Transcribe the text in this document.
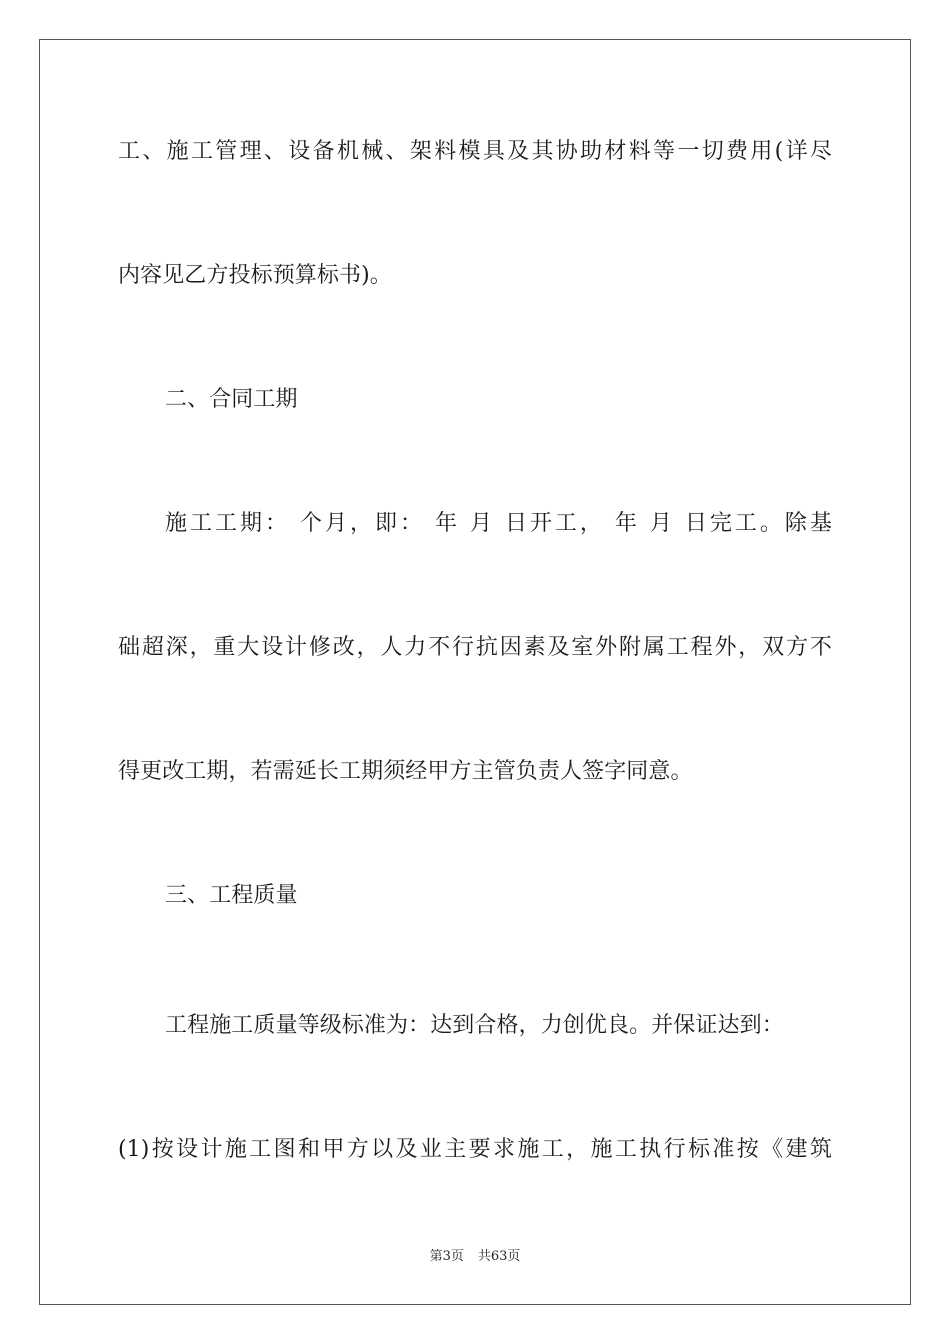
工、施工管理、设备机械、架料模具及其协助材料等一切费用(详尽
内容见乙方投标预算标书)。
二、合同工期
施工工期： 个月，即： 年 月 日开工， 年 月 日完工。除基
础超深，重大设计修改，人力不行抗因素及室外附属工程外，双方不
得更改工期，若需延长工期须经甲方主管负责人签字同意。
三、工程质量
工程施工质量等级标准为：达到合格，力创优良。并保证达到：
(1)按设计施工图和甲方以及业主要求施工，施工执行标准按《建筑
第3页 共63页
